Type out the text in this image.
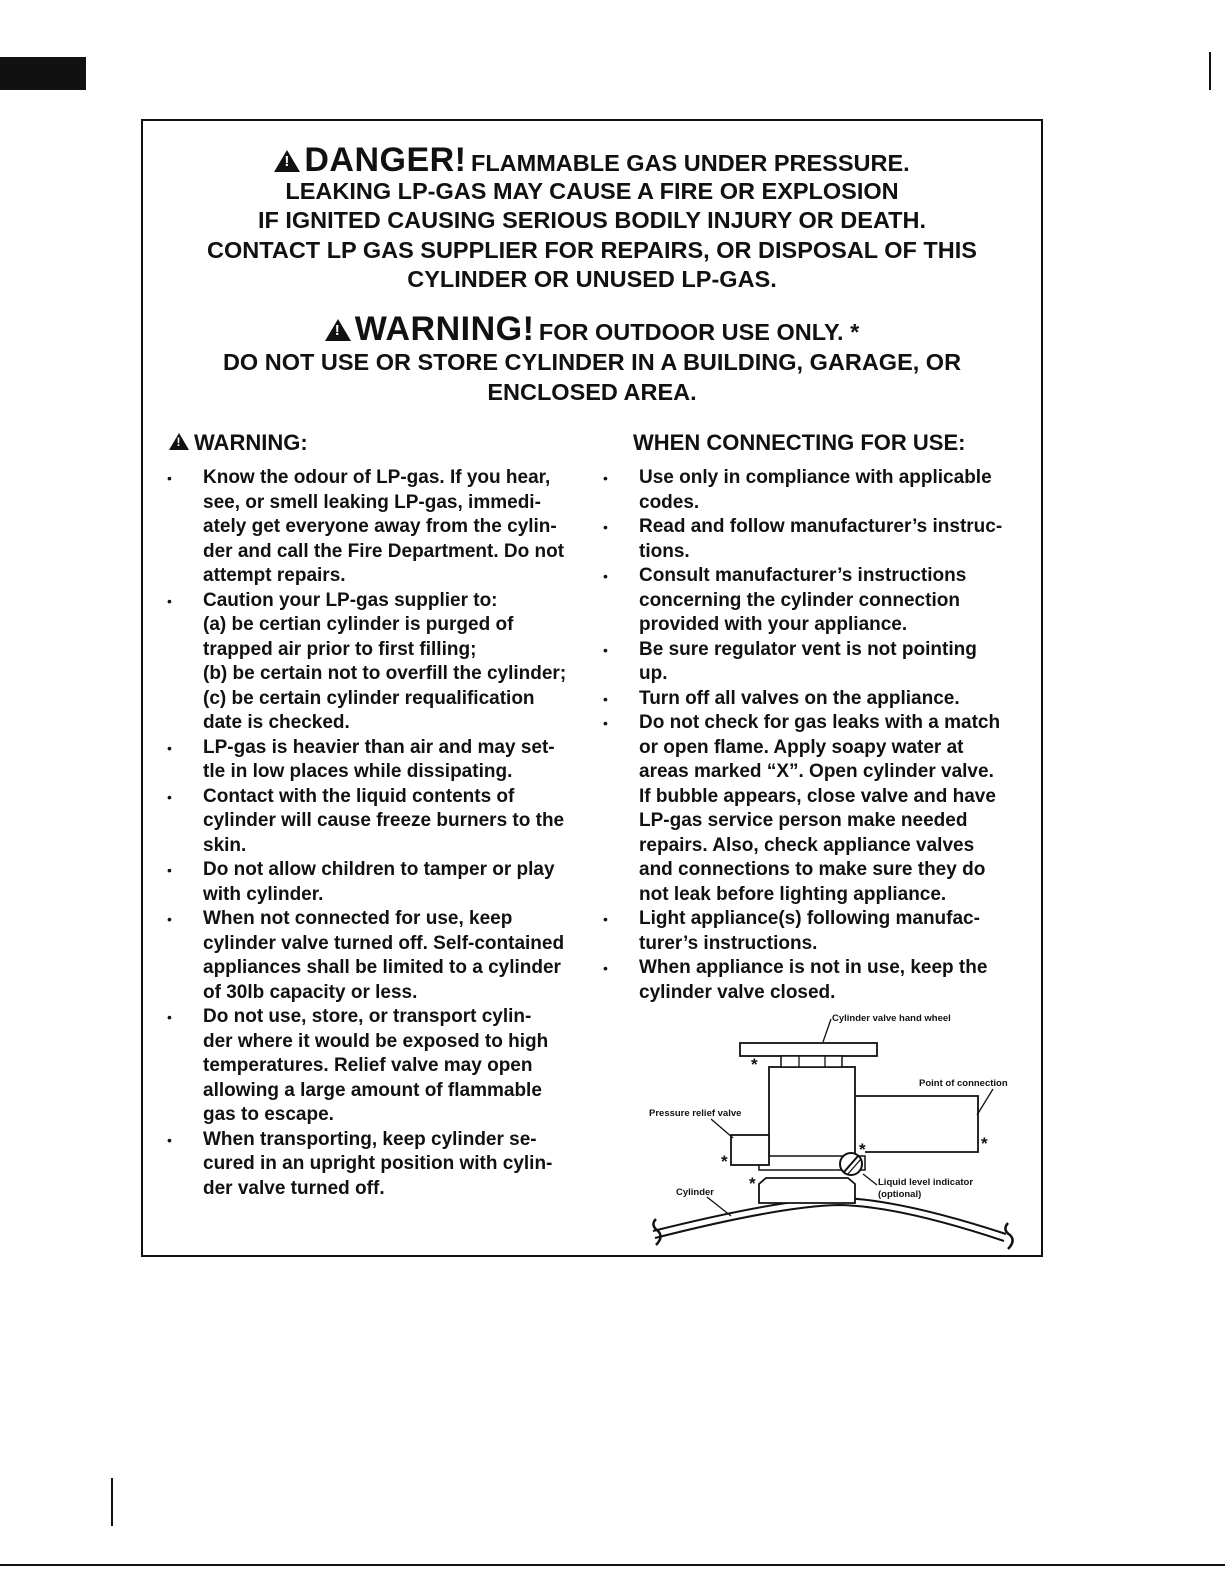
!DANGER! FLAMMABLE GAS UNDER PRESSURE.
LEAKING LP-GAS MAY CAUSE A FIRE OR EXPLOSION
IF IGNITED CAUSING SERIOUS BODILY INJURY OR DEATH.
CONTACT LP GAS SUPPLIER FOR REPAIRS, OR DISPOSAL OF THIS
CYLINDER OR UNUSED LP-GAS.
!WARNING! FOR OUTDOOR USE ONLY. *
DO NOT USE OR STORE CYLINDER IN A BUILDING, GARAGE, OR
ENCLOSED AREA.
!WARNING:	WHEN CONNECTING FOR USE:
• Know the odour of LP-gas. If you hear,
see, or smell leaking LP-gas, immedi-
ately get everyone away from the cylin-
der and call the Fire Department. Do not
attempt repairs.
• Caution your LP-gas supplier to:
(a) be certian cylinder is purged of
trapped air prior to first filling;
(b) be certain not to overfill the cylinder;
(c) be certain cylinder requalification
date is checked.
• LP-gas is heavier than air and may set-
tle in low places while dissipating.
• Contact with the liquid contents of
cylinder will cause freeze burners to the
skin.
• Do not allow children to tamper or play
with cylinder.
• When not connected for use, keep
cylinder valve turned off. Self-contained
appliances shall be limited to a cylinder
of 30lb capacity or less.
• Do not use, store, or transport cylin-
der where it would be exposed to high
temperatures. Relief valve may open
allowing a large amount of flammable
gas to escape.
• When transporting, keep cylinder se-
cured in an upright position with cylin-
der valve turned off.
• Use only in compliance with applicable
codes.
• Read and follow manufacturer’s instruc-
tions.
• Consult manufacturer’s instructions
concerning the cylinder connection
provided with your appliance.
• Be sure regulator vent is not pointing
up.
• Turn off all valves on the appliance.
• Do not check for gas leaks with a match
or open flame. Apply soapy water at
areas marked “X”. Open cylinder valve.
If bubble appears, close valve and have
LP-gas service person make needed
repairs. Also, check appliance valves
and connections to make sure they do
not leak before lighting appliance.
• Light appliance(s) following manufac-
turer’s instructions.
• When appliance is not in use, keep the
cylinder valve closed.
Cylinder valve hand wheel
Point of connection
Pressure relief valve
Liquid level indicator
(optional)
Cylinder
*
*
*
*
*
